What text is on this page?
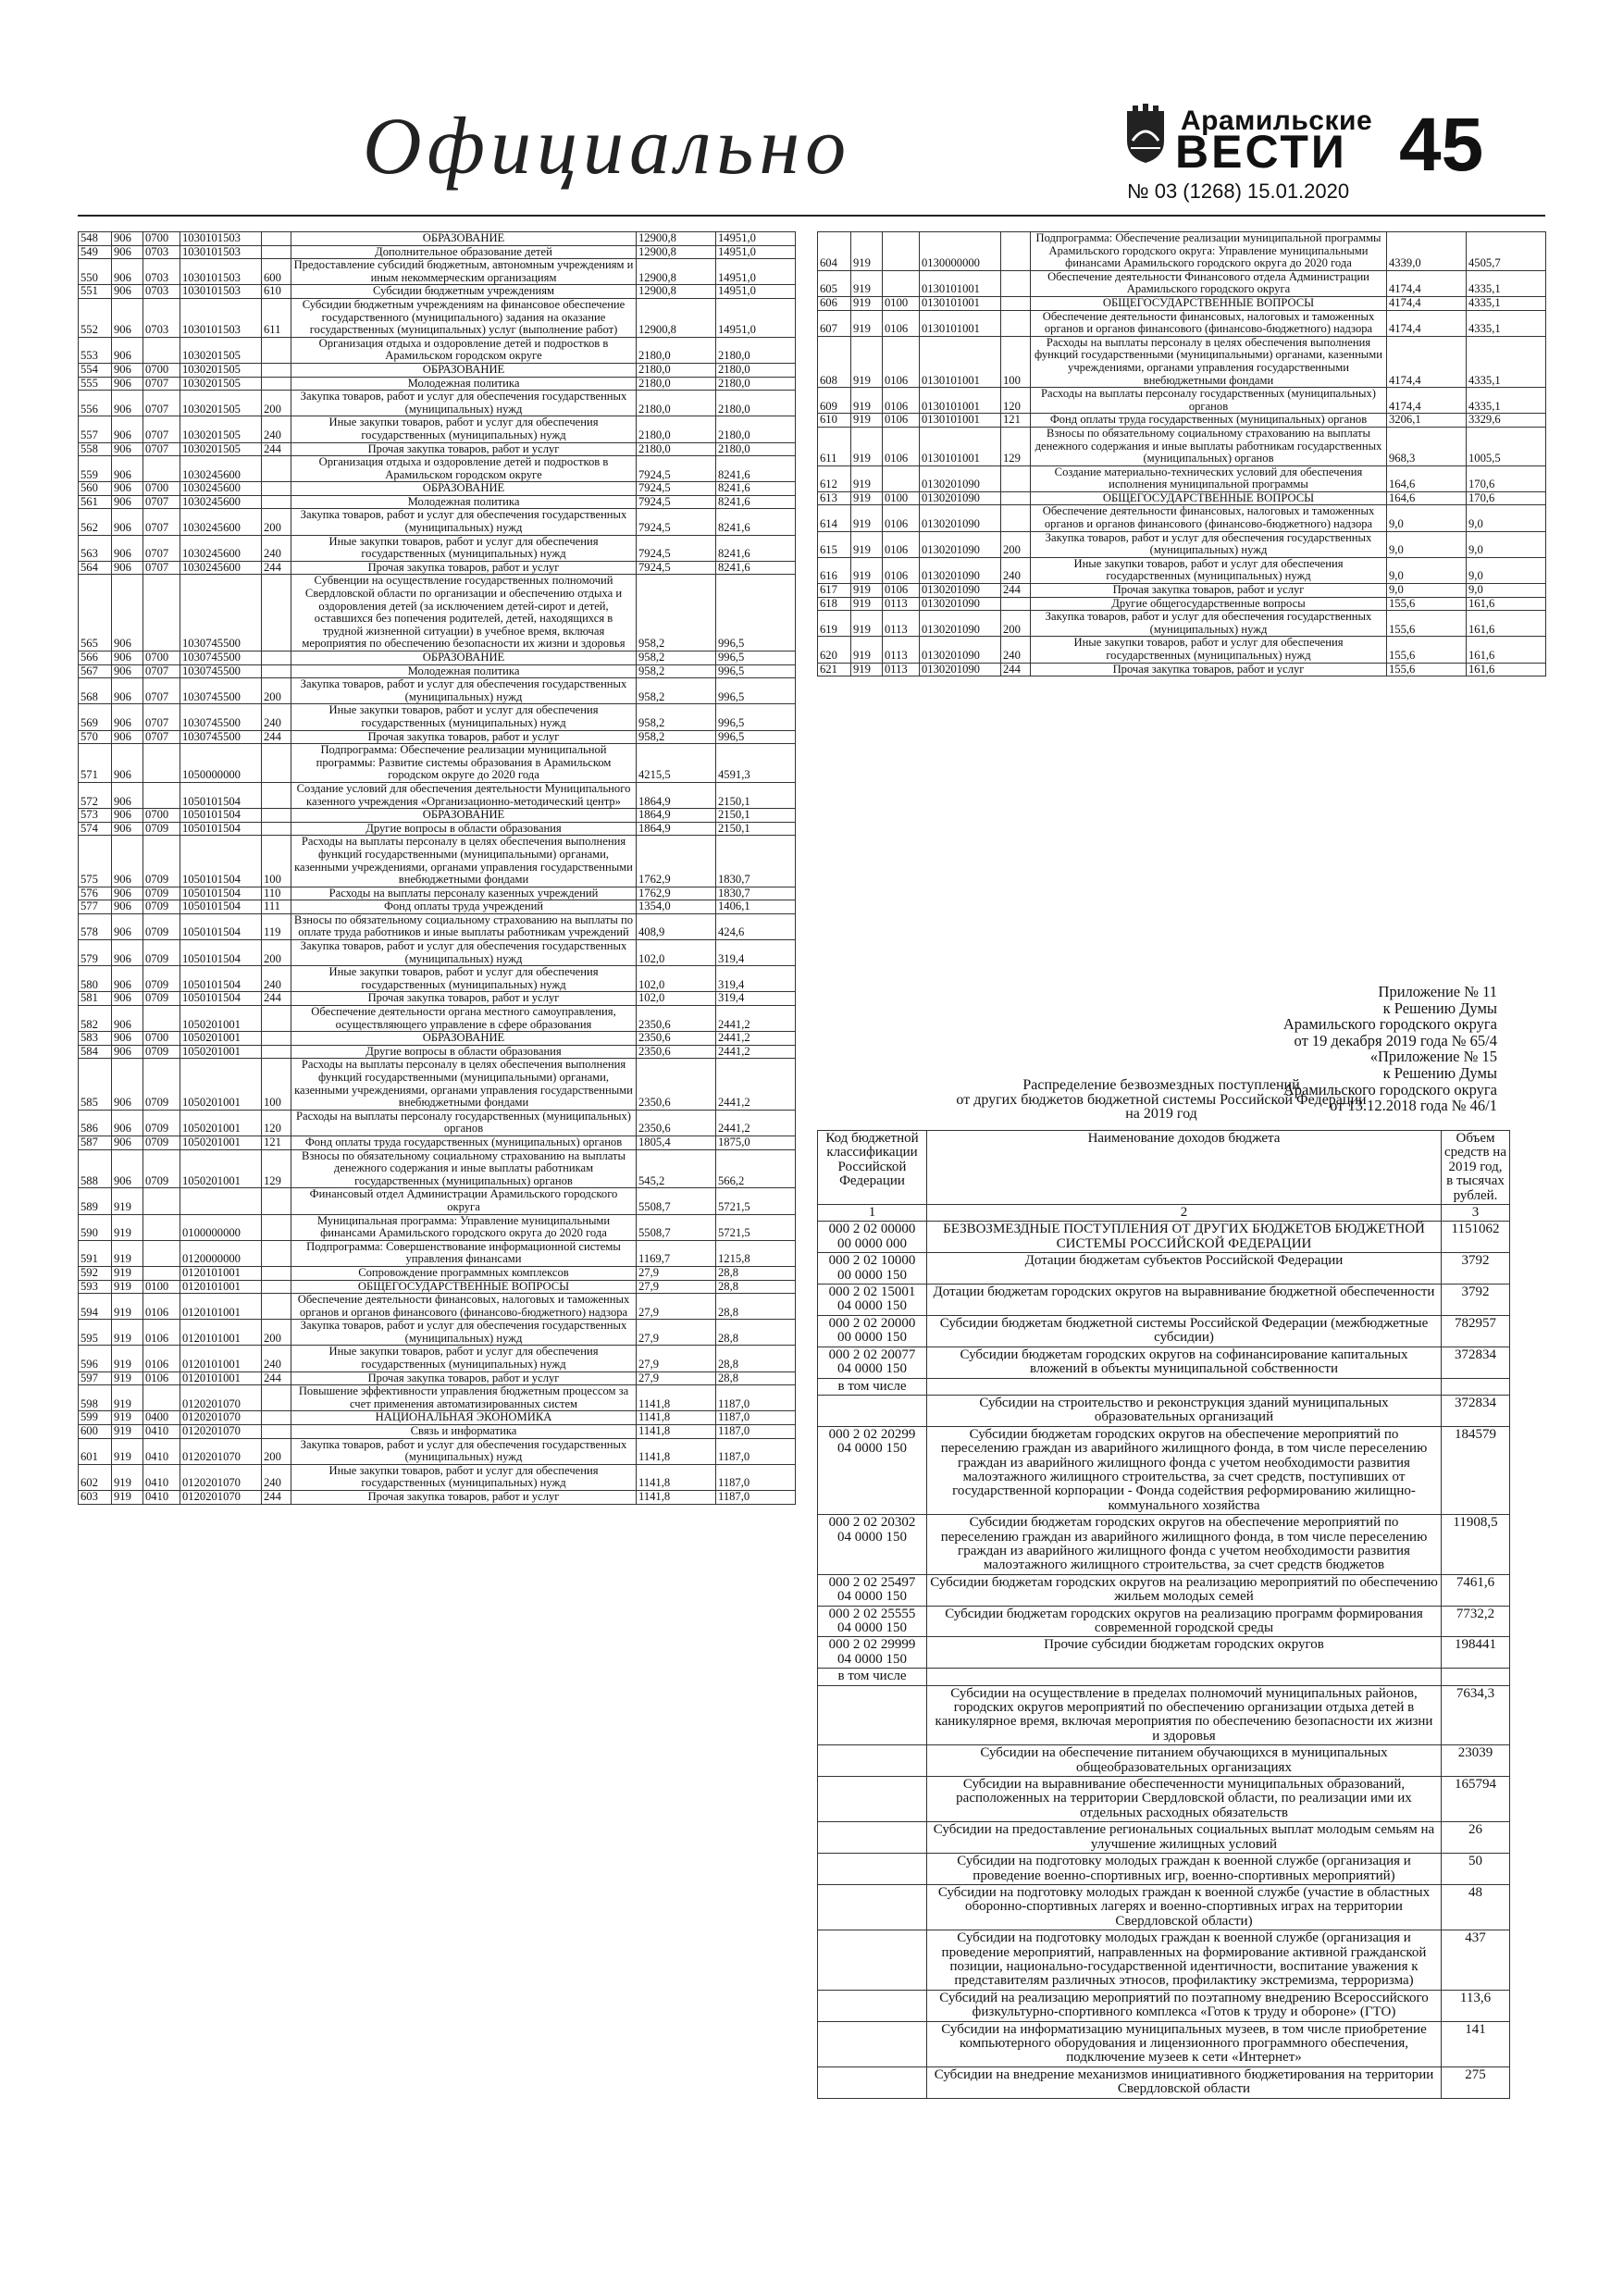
Официально	Арамильские
ВЕСТИ 45
№ 03 (1268) 15.01.2020
548	906	0700	1030101503		ОБРАЗОВАНИЕ	12900,8	14951,0
549	906	0703	1030101503		Дополнительное образование детей	12900,8	14951,0
550	906	0703	1030101503	600	Предоставление субсидий бюджетным, автономным учреждениям и иным некоммерческим организациям	12900,8	14951,0
551	906	0703	1030101503	610	Субсидии бюджетным учреждениям	12900,8	14951,0
552	906	0703	1030101503	611	Субсидии бюджетным учреждениям на финансовое обеспечение государственного (муниципального) задания на оказание государственных (муниципальных) услуг (выполнение работ)	12900,8	14951,0
553	906		1030201505		Организация отдыха и оздоровление детей и подростков в Арамильском городском округе	2180,0	2180,0
554	906	0700	1030201505		ОБРАЗОВАНИЕ	2180,0	2180,0
555	906	0707	1030201505		Молодежная политика	2180,0	2180,0
556	906	0707	1030201505	200	Закупка товаров, работ и услуг для обеспечения государственных (муниципальных) нужд	2180,0	2180,0
557	906	0707	1030201505	240	Иные закупки товаров, работ и услуг для обеспечения государственных (муниципальных) нужд	2180,0	2180,0
558	906	0707	1030201505	244	Прочая закупка товаров, работ и услуг	2180,0	2180,0
559	906		1030245600		Организация отдыха и оздоровление детей и подростков в Арамильском городском округе	7924,5	8241,6
560	906	0700	1030245600		ОБРАЗОВАНИЕ	7924,5	8241,6
561	906	0707	1030245600		Молодежная политика	7924,5	8241,6
562	906	0707	1030245600	200	Закупка товаров, работ и услуг для обеспечения государственных (муниципальных) нужд	7924,5	8241,6
563	906	0707	1030245600	240	Иные закупки товаров, работ и услуг для обеспечения государственных (муниципальных) нужд	7924,5	8241,6
564	906	0707	1030245600	244	Прочая закупка товаров, работ и услуг	7924,5	8241,6
565	906		1030745500		Субвенции на осуществление государственных полномочий Свердловской области по организации и обеспечению отдыха и оздоровления детей (за исключением детей-сирот и детей, оставшихся без попечения родителей, детей, находящихся в трудной жизненной ситуации) в учебное время, включая мероприятия по обеспечению безопасности их жизни и здоровья	958,2	996,5
566	906	0700	1030745500		ОБРАЗОВАНИЕ	958,2	996,5
567	906	0707	1030745500		Молодежная политика	958,2	996,5
568	906	0707	1030745500	200	Закупка товаров, работ и услуг для обеспечения государственных (муниципальных) нужд	958,2	996,5
569	906	0707	1030745500	240	Иные закупки товаров, работ и услуг для обеспечения государственных (муниципальных) нужд	958,2	996,5
570	906	0707	1030745500	244	Прочая закупка товаров, работ и услуг	958,2	996,5
571	906		1050000000		Подпрограмма: Обеспечение реализации муниципальной программы: Развитие системы образования в Арамильском городском округе до 2020 года	4215,5	4591,3
572	906		1050101504		Создание условий для обеспечения деятельности Муниципального казенного учреждения «Организационно-методический центр»	1864,9	2150,1
573	906	0700	1050101504		ОБРАЗОВАНИЕ	1864,9	2150,1
574	906	0709	1050101504		Другие вопросы в области образования	1864,9	2150,1
575	906	0709	1050101504	100	Расходы на выплаты персоналу в целях обеспечения выполнения функций государственными (муниципальными) органами, казенными учреждениями, органами управления государственными внебюджетными фондами	1762,9	1830,7
576	906	0709	1050101504	110	Расходы на выплаты персоналу казенных учреждений	1762,9	1830,7
577	906	0709	1050101504	111	Фонд оплаты труда учреждений	1354,0	1406,1
578	906	0709	1050101504	119	Взносы по обязательному социальному страхованию на выплаты по оплате труда работников и иные выплаты работникам учреждений	408,9	424,6
579	906	0709	1050101504	200	Закупка товаров, работ и услуг для обеспечения государственных (муниципальных) нужд	102,0	319,4
580	906	0709	1050101504	240	Иные закупки товаров, работ и услуг для обеспечения государственных (муниципальных) нужд	102,0	319,4
581	906	0709	1050101504	244	Прочая закупка товаров, работ и услуг	102,0	319,4
582	906		1050201001		Обеспечение деятельности органа местного самоуправления, осуществляющего управление в сфере образования	2350,6	2441,2
583	906	0700	1050201001		ОБРАЗОВАНИЕ	2350,6	2441,2
584	906	0709	1050201001		Другие вопросы в области образования	2350,6	2441,2
585	906	0709	1050201001	100	Расходы на выплаты персоналу в целях обеспечения выполнения функций государственными (муниципальными) органами, казенными учреждениями, органами управления государственными внебюджетными фондами	2350,6	2441,2
586	906	0709	1050201001	120	Расходы на выплаты персоналу государственных (муниципальных) органов	2350,6	2441,2
587	906	0709	1050201001	121	Фонд оплаты труда государственных (муниципальных) органов	1805,4	1875,0
588	906	0709	1050201001	129	Взносы по обязательному социальному страхованию на выплаты денежного содержания и иные выплаты работникам государственных (муниципальных) органов	545,2	566,2
589	919				Финансовый отдел Администрации Арамильского городского округа	5508,7	5721,5
590	919		0100000000		Муниципальная программа: Управление муниципальными финансами Арамильского городского округа до 2020 года	5508,7	5721,5
591	919		0120000000		Подпрограмма: Совершенствование информационной системы управления финансами	1169,7	1215,8
592	919		0120101001		Сопровождение программных комплексов	27,9	28,8
593	919	0100	0120101001		ОБЩЕГОСУДАРСТВЕННЫЕ ВОПРОСЫ	27,9	28,8
594	919	0106	0120101001		Обеспечение деятельности финансовых, налоговых и таможенных органов и органов финансового (финансово-бюджетного) надзора	27,9	28,8
595	919	0106	0120101001	200	Закупка товаров, работ и услуг для обеспечения государственных (муниципальных) нужд	27,9	28,8
596	919	0106	0120101001	240	Иные закупки товаров, работ и услуг для обеспечения государственных (муниципальных) нужд	27,9	28,8
597	919	0106	0120101001	244	Прочая закупка товаров, работ и услуг	27,9	28,8
598	919		0120201070		Повышение эффективности управления бюджетным процессом за счет применения автоматизированных систем	1141,8	1187,0
599	919	0400	0120201070		НАЦИОНАЛЬНАЯ ЭКОНОМИКА	1141,8	1187,0
600	919	0410	0120201070		Связь и информатика	1141,8	1187,0
601	919	0410	0120201070	200	Закупка товаров, работ и услуг для обеспечения государственных (муниципальных) нужд	1141,8	1187,0
602	919	0410	0120201070	240	Иные закупки товаров, работ и услуг для обеспечения государственных (муниципальных) нужд	1141,8	1187,0
603	919	0410	0120201070	244	Прочая закупка товаров, работ и услуг	1141,8	1187,0
604	919		0130000000		Подпрограмма: Обеспечение реализации муниципальной программы Арамильского городского округа: Управление муниципальными финансами Арамильского городского округа до 2020 года	4339,0	4505,7
605	919		0130101001		Обеспечение деятельности Финансового отдела Администрации Арамильского городского округа	4174,4	4335,1
606	919	0100	0130101001		ОБЩЕГОСУДАРСТВЕННЫЕ ВОПРОСЫ	4174,4	4335,1
607	919	0106	0130101001		Обеспечение деятельности финансовых, налоговых и таможенных органов и органов финансового (финансово-бюджетного) надзора	4174,4	4335,1
608	919	0106	0130101001	100	Расходы на выплаты персоналу в целях обеспечения выполнения функций государственными (муниципальными) органами, казенными учреждениями, органами управления государственными внебюджетными фондами	4174,4	4335,1
609	919	0106	0130101001	120	Расходы на выплаты персоналу государственных (муниципальных) органов	4174,4	4335,1
610	919	0106	0130101001	121	Фонд оплаты труда государственных (муниципальных) органов	3206,1	3329,6
611	919	0106	0130101001	129	Взносы по обязательному социальному страхованию на выплаты денежного содержания и иные выплаты работникам государственных (муниципальных) органов	968,3	1005,5
612	919		0130201090		Создание материально-технических условий для обеспечения исполнения муниципальной программы	164,6	170,6
613	919	0100	0130201090		ОБЩЕГОСУДАРСТВЕННЫЕ ВОПРОСЫ	164,6	170,6
614	919	0106	0130201090		Обеспечение деятельности финансовых, налоговых и таможенных органов и органов финансового (финансово-бюджетного) надзора	9,0	9,0
615	919	0106	0130201090	200	Закупка товаров, работ и услуг для обеспечения государственных (муниципальных) нужд	9,0	9,0
616	919	0106	0130201090	240	Иные закупки товаров, работ и услуг для обеспечения государственных (муниципальных) нужд	9,0	9,0
617	919	0106	0130201090	244	Прочая закупка товаров, работ и услуг	9,0	9,0
618	919	0113	0130201090		Другие общегосударственные вопросы	155,6	161,6
619	919	0113	0130201090	200	Закупка товаров, работ и услуг для обеспечения государственных (муниципальных) нужд	155,6	161,6
620	919	0113	0130201090	240	Иные закупки товаров, работ и услуг для обеспечения государственных (муниципальных) нужд	155,6	161,6
621	919	0113	0130201090	244	Прочая закупка товаров, работ и услуг	155,6	161,6
Приложение № 11
к Решению Думы
Арамильского городского округа
от 19 декабря 2019 года № 65/4
«Приложение № 15
к Решению Думы
Арамильского городского округа
от 13.12.2018 года № 46/1
Распределение безвозмездных поступлений
от других бюджетов бюджетной системы Российской Федерации
на 2019 год
Код бюджетной классификации Российской Федерации	Наименование доходов бюджета	Объем средств на 2019 год, в тысячах рублей.
1	2	3
000 2 02 00000 00 0000 000	БЕЗВОЗМЕЗДНЫЕ ПОСТУПЛЕНИЯ ОТ ДРУГИХ БЮДЖЕТОВ БЮДЖЕТНОЙ СИСТЕМЫ РОССИЙСКОЙ ФЕДЕРАЦИИ	1151062
000 2 02 10000 00 0000 150	Дотации бюджетам субъектов Российской Федерации	3792
000 2 02 15001 04 0000 150	Дотации бюджетам городских округов на выравнивание бюджетной обеспеченности	3792
000 2 02 20000 00 0000 150	Субсидии бюджетам бюджетной системы Российской Федерации (межбюджетные субсидии)	782957
000 2 02 20077 04 0000 150	Субсидии бюджетам городских округов на софинансирование капитальных вложений в объекты муниципальной собственности	372834
в том числе		
	Субсидии на строительство и реконструкция зданий муниципальных образовательных организаций	372834
000 2 02 20299 04 0000 150	Субсидии бюджетам городских округов на обеспечение мероприятий по переселению граждан из аварийного жилищного фонда, в том числе переселению граждан из аварийного жилищного фонда с учетом необходимости развития малоэтажного жилищного строительства, за счет средств, поступивших от государственной корпорации - Фонда содействия реформированию жилищно-коммунального хозяйства	184579
000 2 02 20302 04 0000 150	Субсидии бюджетам городских округов на обеспечение мероприятий по переселению граждан из аварийного жилищного фонда, в том числе переселению граждан из аварийного жилищного фонда с учетом необходимости развития малоэтажного жилищного строительства, за счет средств бюджетов	11908,5
000 2 02 25497 04 0000 150	Субсидии бюджетам городских округов на реализацию мероприятий по обеспечению жильем молодых семей	7461,6
000 2 02 25555 04 0000 150	Субсидии бюджетам городских округов на реализацию программ формирования современной городской среды	7732,2
000 2 02 29999 04 0000 150	Прочие субсидии бюджетам городских округов	198441
в том числе		
	Субсидии на осуществление в пределах полномочий муниципальных районов, городских округов мероприятий по обеспечению организации отдыха детей в каникулярное время, включая мероприятия по обеспечению безопасности их жизни и здоровья	7634,3
	Субсидии на обеспечение питанием обучающихся в муниципальных общеобразовательных организациях	23039
	Субсидии на выравнивание обеспеченности муниципальных образований, расположенных на территории Свердловской области, по реализации ими их отдельных расходных обязательств	165794
	Субсидии на предоставление региональных социальных выплат молодым семьям на улучшение жилищных условий	26
	Субсидии на подготовку молодых граждан к военной службе (организация и проведение военно-спортивных игр, военно-спортивных мероприятий)	50
	Субсидии на подготовку молодых граждан к военной службе (участие в областных оборонно-спортивных лагерях и военно-спортивных играх на территории Свердловской области)	48
	Субсидии на подготовку молодых граждан к военной службе (организация и проведение мероприятий, направленных на формирование активной гражданской позиции, национально-государственной идентичности, воспитание уважения к представителям различных этносов, профилактику экстремизма, терроризма)	437
	Субсидий на реализацию мероприятий по поэтапному внедрению Всероссийского физкультурно-спортивного комплекса «Готов к труду и обороне» (ГТО)	113,6
	Субсидии на информатизацию муниципальных музеев, в том числе приобретение компьютерного оборудования и лицензионного программного обеспечения, подключение музеев к сети «Интернет»	141
	Субсидии на внедрение механизмов инициативного бюджетирования на территории Свердловской области	275
